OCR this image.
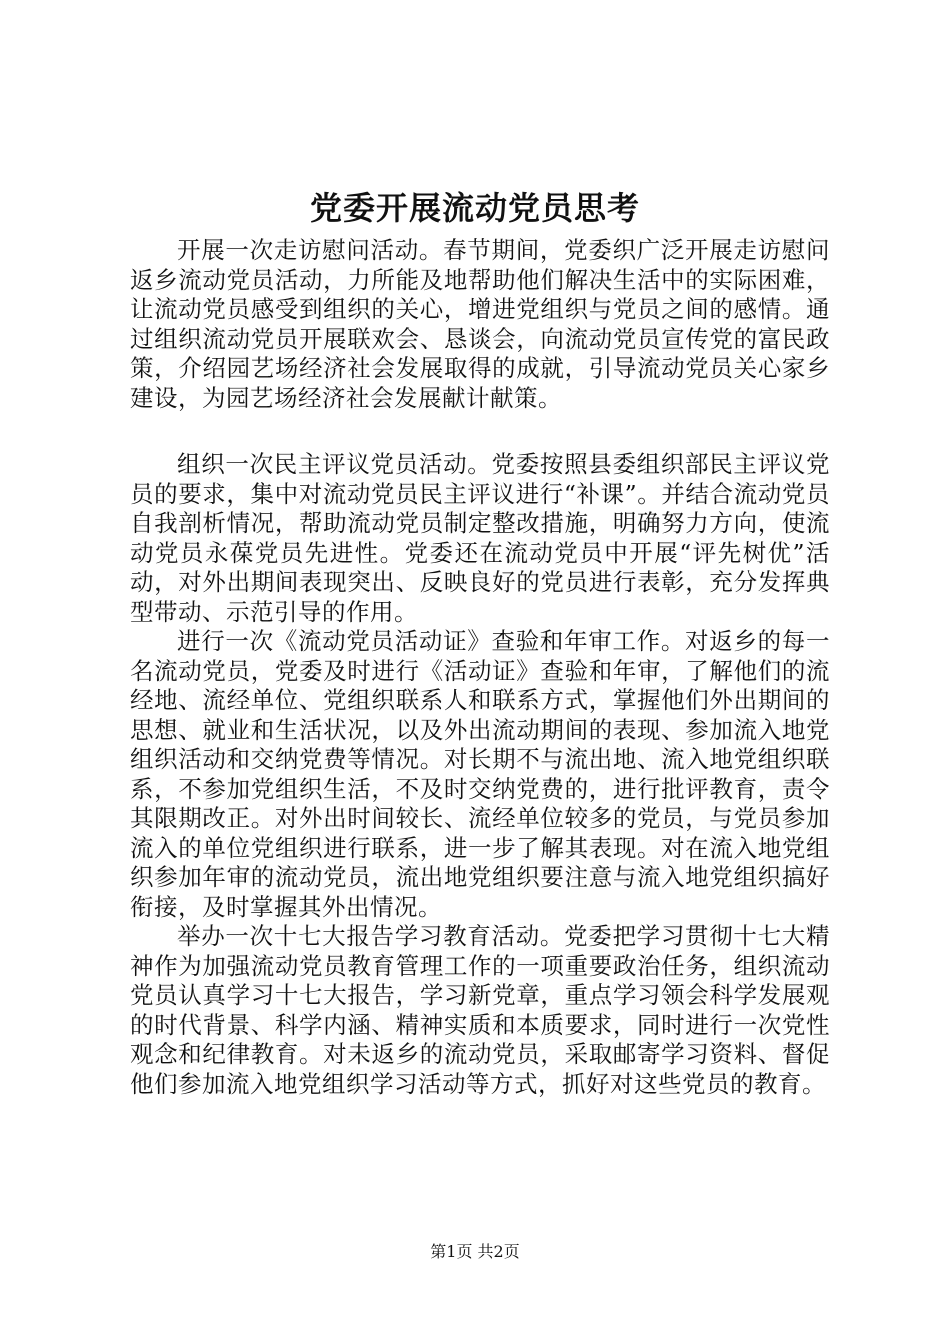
党委开展流动党员思考

开展一次走访慰问活动。春节期间，党委织广泛开展走访慰问返乡流动党员活动，力所能及地帮助他们解决生活中的实际困难，让流动党员感受到组织的关心，增进党组织与党员之间的感情。通过组织流动党员开展联欢会、恳谈会，向流动党员宣传党的富民政策，介绍园艺场经济社会发展取得的成就，引导流动党员关心家乡建设，为园艺场经济社会发展献计献策。

组织一次民主评议党员活动。党委按照县委组织部民主评议党员的要求，集中对流动党员民主评议进行“补课”。并结合流动党员自我剖析情况，帮助流动党员制定整改措施，明确努力方向，使流动党员永葆党员先进性。党委还在流动党员中开展“评先树优”活动，对外出期间表现突出、反映良好的党员进行表彰，充分发挥典型带动、示范引导的作用。

进行一次《流动党员活动证》查验和年审工作。对返乡的每一名流动党员，党委及时进行《活动证》查验和年审，了解他们的流经地、流经单位、党组织联系人和联系方式，掌握他们外出期间的思想、就业和生活状况，以及外出流动期间的表现、参加流入地党组织活动和交纳党费等情况。对长期不与流出地、流入地党组织联系，不参加党组织生活，不及时交纳党费的，进行批评教育，责令其限期改正。对外出时间较长、流经单位较多的党员，与党员参加流入的单位党组织进行联系，进一步了解其表现。对在流入地党组织参加年审的流动党员，流出地党组织要注意与流入地党组织搞好衔接，及时掌握其外出情况。

举办一次十七大报告学习教育活动。党委把学习贯彻十七大精神作为加强流动党员教育管理工作的一项重要政治任务，组织流动党员认真学习十七大报告，学习新党章，重点学习领会科学发展观的时代背景、科学内涵、精神实质和本质要求，同时进行一次党性观念和纪律教育。对未返乡的流动党员，采取邮寄学习资料、督促他们参加流入地党组织学习活动等方式，抓好对这些党员的教育。

第1页 共2页
